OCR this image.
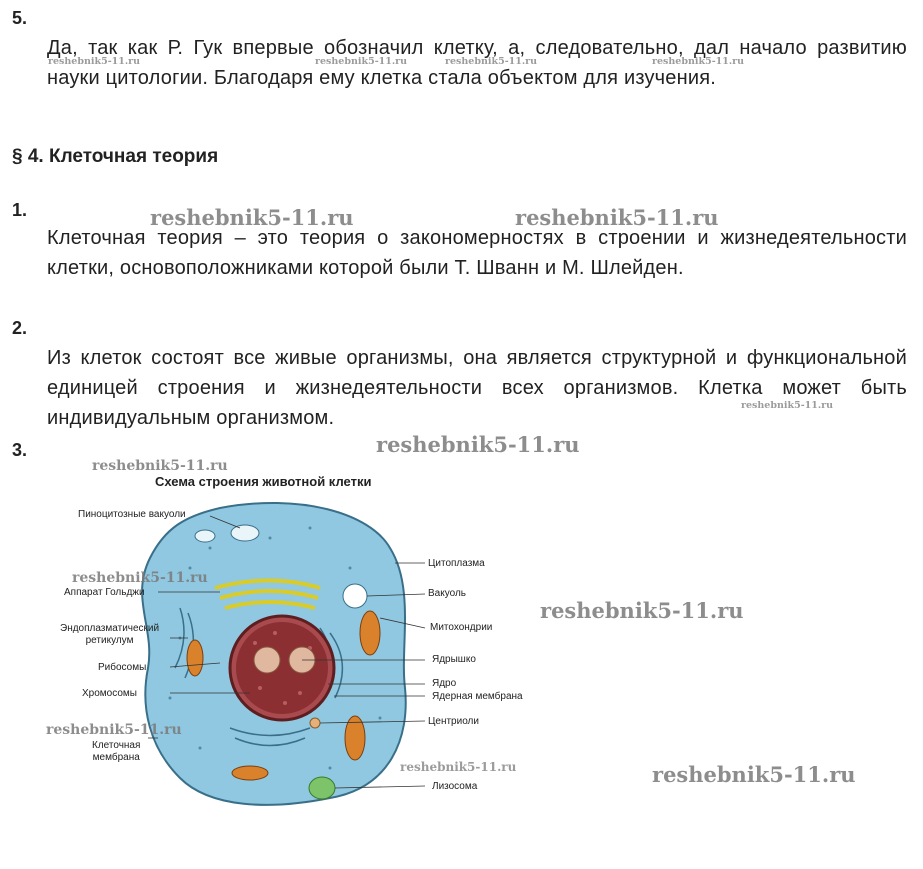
5.
Да, так как Р. Гук впервые обозначил клетку, а, следовательно, дал начало развитию науки цитологии. Благодаря ему клетка стала объектом для изучения.
§ 4. Клеточная теория
1.
Клеточная теория – это теория о закономерностях в строении и жизнедеятельности клетки, основоположниками которой были Т. Шванн и М. Шлейден.
2.
Из клеток состоят все живые организмы, она является структурной и функциональной единицей строения и жизнедеятельности всех организмов. Клетка может быть индивидуальным организмом.
3.
Схема строения животной клетки
Пиноцитозные вакуоли
Аппарат Гольджи
Эндоплазматический
ретикулум
Рибосомы
Хромосомы
Клеточная
мембрана
Цитоплазма
Вакуоль
Митохондрии
Ядрышко
Ядро
Ядерная мембрана
Центриоли
Лизосома
reshebnik5-11.ru	reshebnik5-11.ru	reshebnik5-11.ru	reshebnik5-11.ru
reshebnik5-11.ru	reshebnik5-11.ru
reshebnik5-11.ru
reshebnik5-11.ru
reshebnik5-11.ru
reshebnik5-11.ru
reshebnik5-11.ru
reshebnik5-11.ru
reshebnik5-11.ru	reshebnik5-11.ru
